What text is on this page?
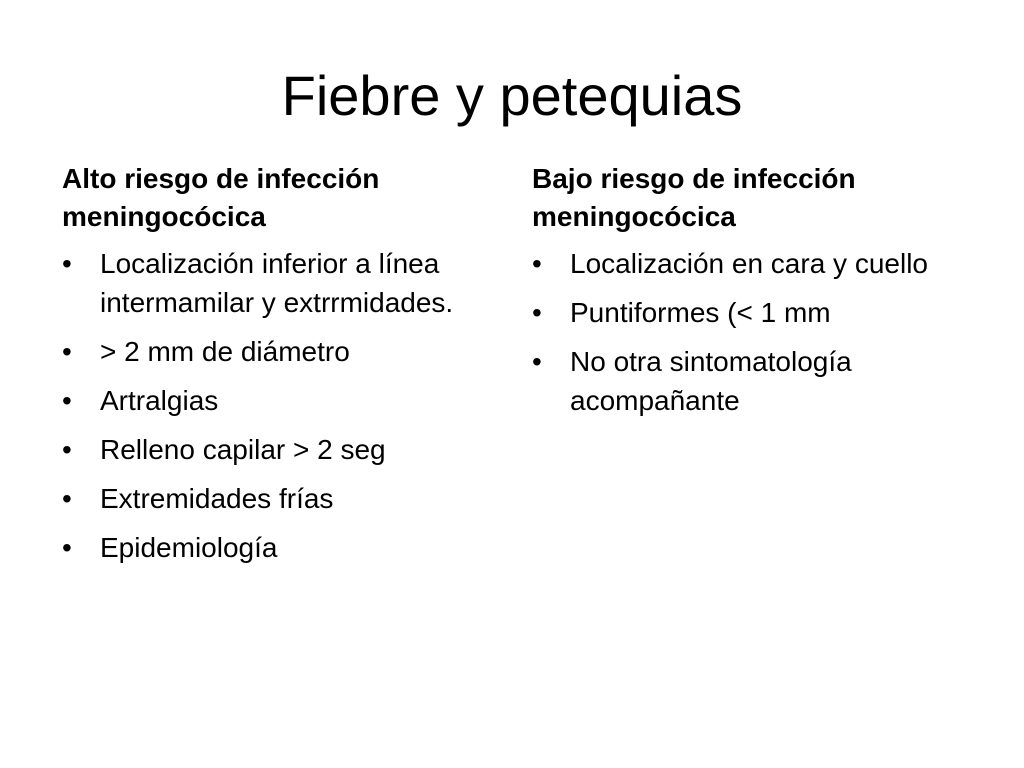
Fiebre y petequias
Alto riesgo de infección meningocócica
• Localización inferior a línea intermamilar y extrrmidades.
• > 2 mm de diámetro
• Artralgias
• Relleno capilar > 2 seg
• Extremidades frías
• Epidemiología
Bajo riesgo de infección meningocócica
• Localización en cara y cuello
• Puntiformes (< 1 mm
• No otra sintomatología acompañante
